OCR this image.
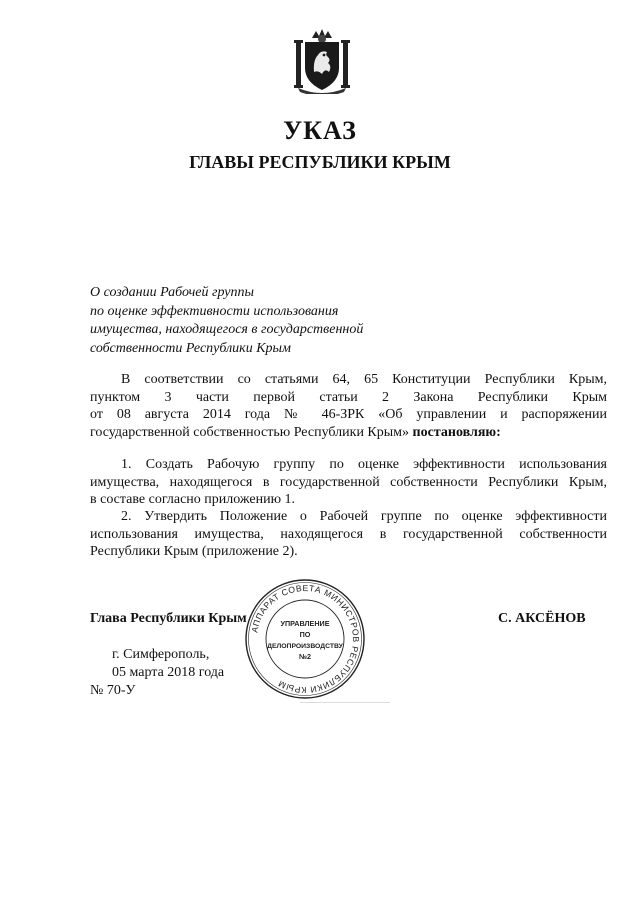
УКАЗ
ГЛАВЫ РЕСПУБЛИКИ КРЫМ
О создании Рабочей группы
по оценке эффективности использования
имущества, находящегося в государственной
собственности Республики Крым
В соответствии со статьями 64, 65 Конституции Республики Крым,
пунктом 3 части первой статьи 2 Закона Республики Крым
от 08 августа 2014 года № 46-ЗРК «Об управлении и распоряжении
государственной собственностью Республики Крым» постановляю:
1. Создать Рабочую группу по оценке эффективности использования
имущества, находящегося в государственной собственности Республики Крым,
в составе согласно приложению 1.
2. Утвердить Положение о Рабочей группе по оценке эффективности
использования имущества, находящегося в государственной собственности
Республики Крым (приложение 2).
Глава Республики Крым	С. АКСЁНОВ
г. Симферополь,
05 марта 2018 года
№ 70-У
АППАРАТ СОВЕТА МИНИСТРОВ РЕСПУБЛИКИ КРЫМ
УПРАВЛЕНИЕ
ПО
ДЕЛОПРОИЗВОДСТВУ
№2
